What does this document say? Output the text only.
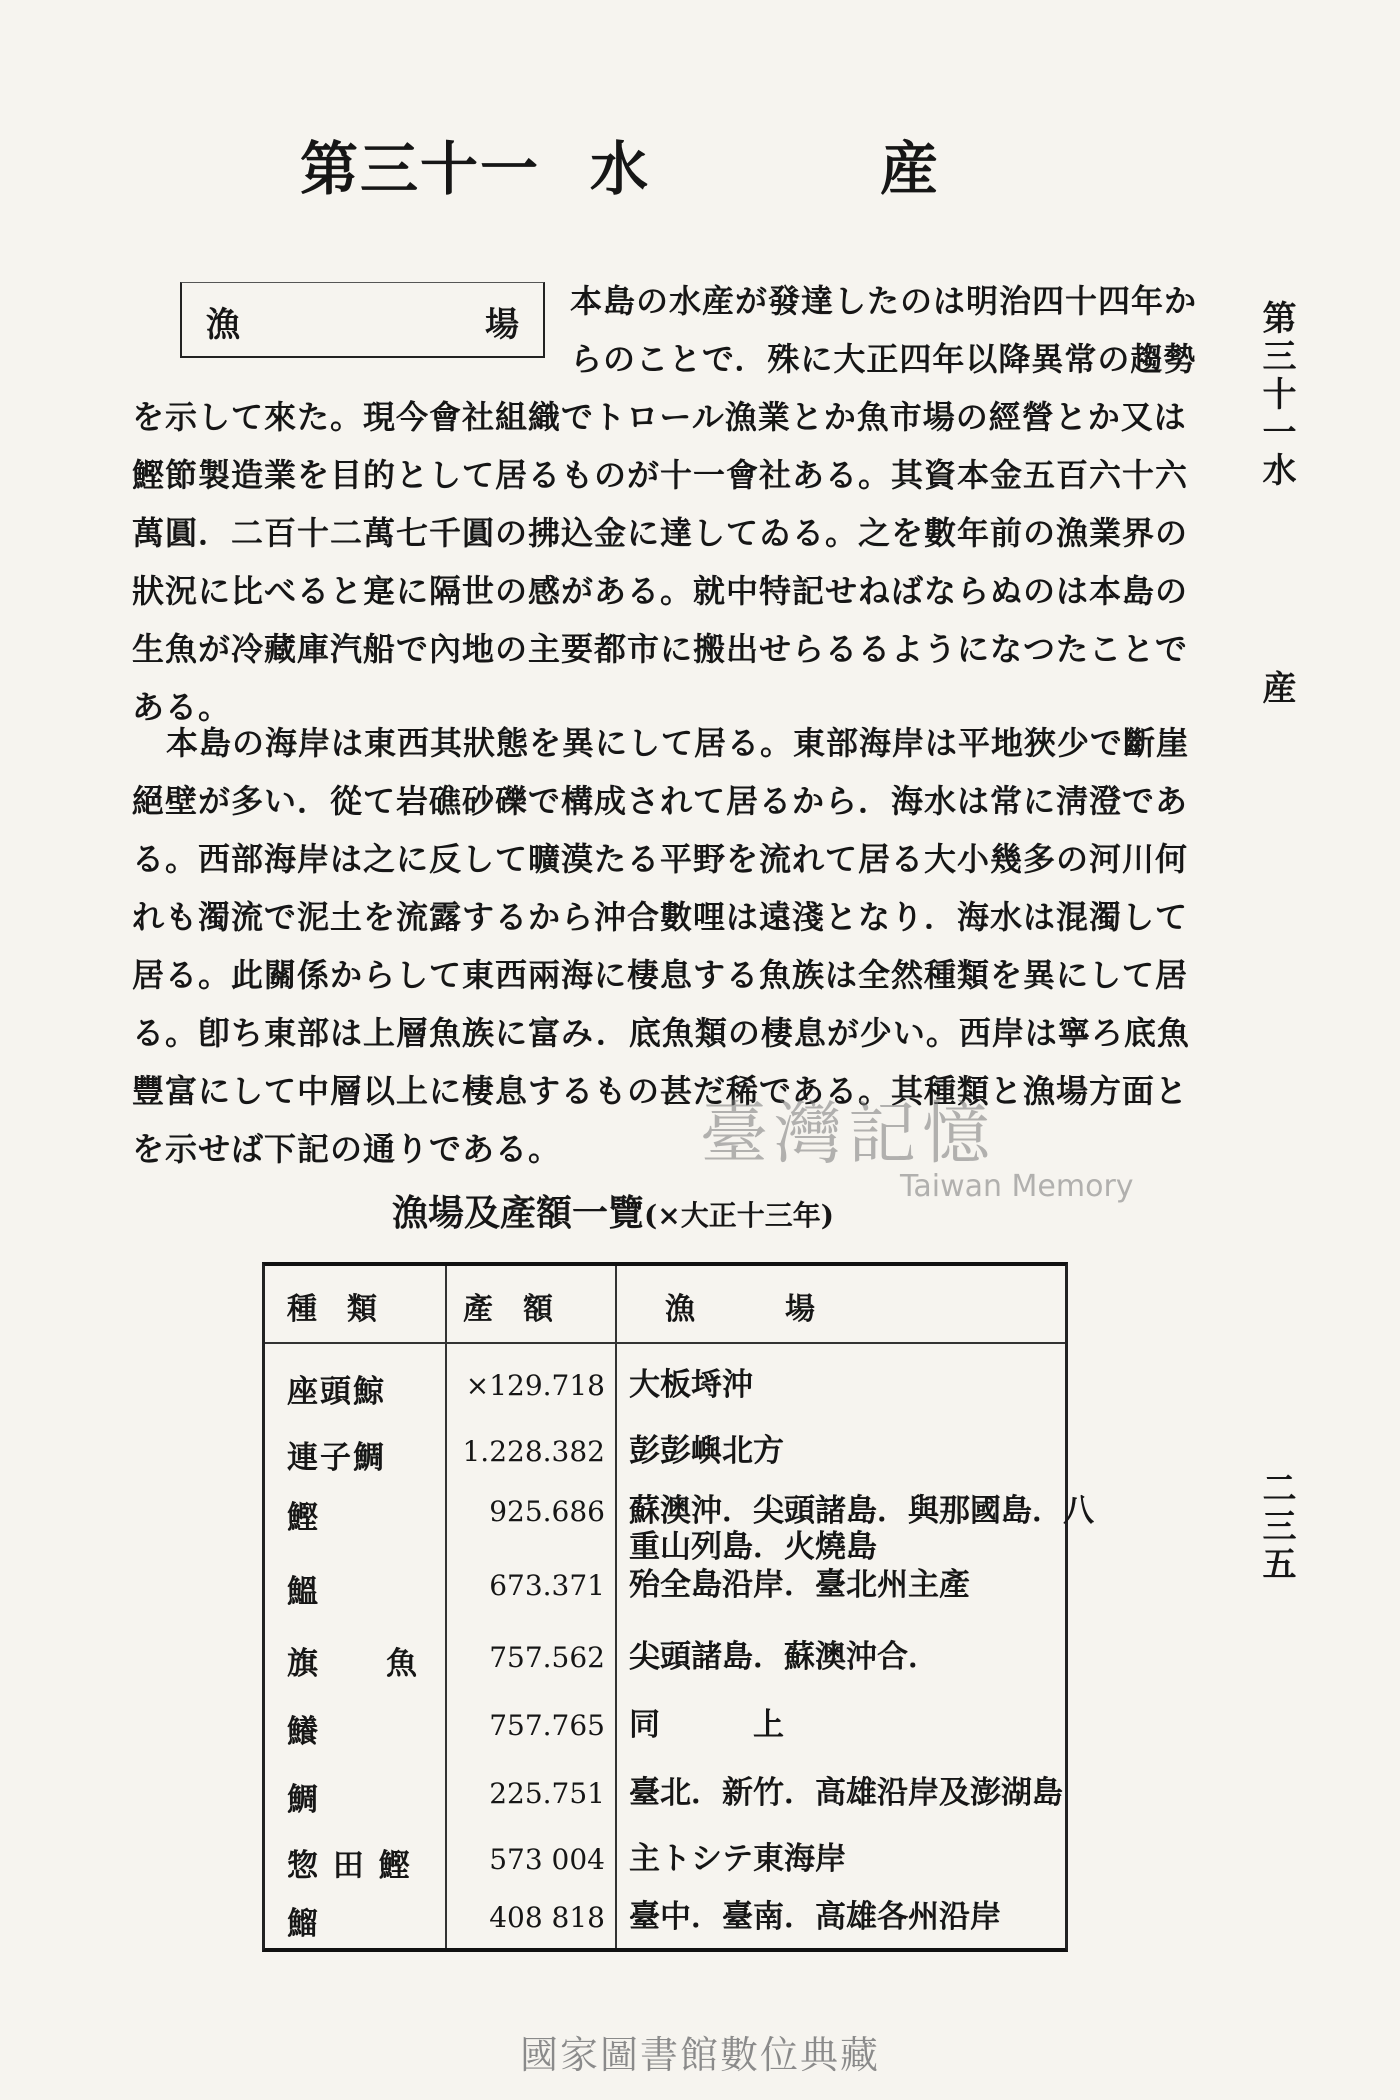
第三十一 水	産
漁	場

本島の水産が發達したのは明治四十四年からのことで．殊に大正四年以降異常の趨勢

を示して來た。現今會社組織でトロール漁業とか魚市場の經營とか又は鰹節製造業を目的として居るものが十一會社ある。其資本金五百六十六萬圓．二百十二萬七千圓の拂込金に達してゐる。之を數年前の漁業界の狀況に比べると寔に隔世の感がある。就中特記せねばならぬのは本島の生魚が冷藏庫汽船で內地の主要都市に搬出せらるるようになつたことである。

本島の海岸は東西其狀態を異にして居る。東部海岸は平地狹少で斷崖絕壁が多い．從て岩礁砂礫で構成されて居るから．海水は常に淸澄である。西部海岸は之に反して曠漠たる平野を流れて居る大小幾多の河川何れも濁流で泥土を流露するから沖合數哩は遠淺となり．海水は混濁して居る。此關係からして東西兩海に棲息する魚族は全然種類を異にして居る。卽ち東部は上層魚族に富み．底魚類の棲息が少い。西岸は寧ろ底魚豐富にして中層以上に棲息するもの甚だ稀である。其種類と漁場方面とを示せば下記の通りである。

第三十一水
産
二三五

漁場及產額一覽(×大正十三年)

種　類	產　額	漁　　　場
座頭鯨	×129.718 大板埓沖
連子鯛	1.228.382 彭彭嶼北方
鰹	925.686 蘇澳沖．尖頭諸島．與那國島．八
重山列島．火燒島
鰮	673.371 殆全島沿岸．臺北州主產
旗　　魚	757.562 尖頭諸島．蘇澳沖合．
鱶	757.765 同　　　上
鯛	225.751 臺北．新竹．高雄沿岸及澎湖島
惣 田 鰹	573 004 主トシテ東海岸
鰡	408 818 臺中．臺南．高雄各州沿岸
臺灣記憶
Taiwan Memory
國家圖書館數位典藏
